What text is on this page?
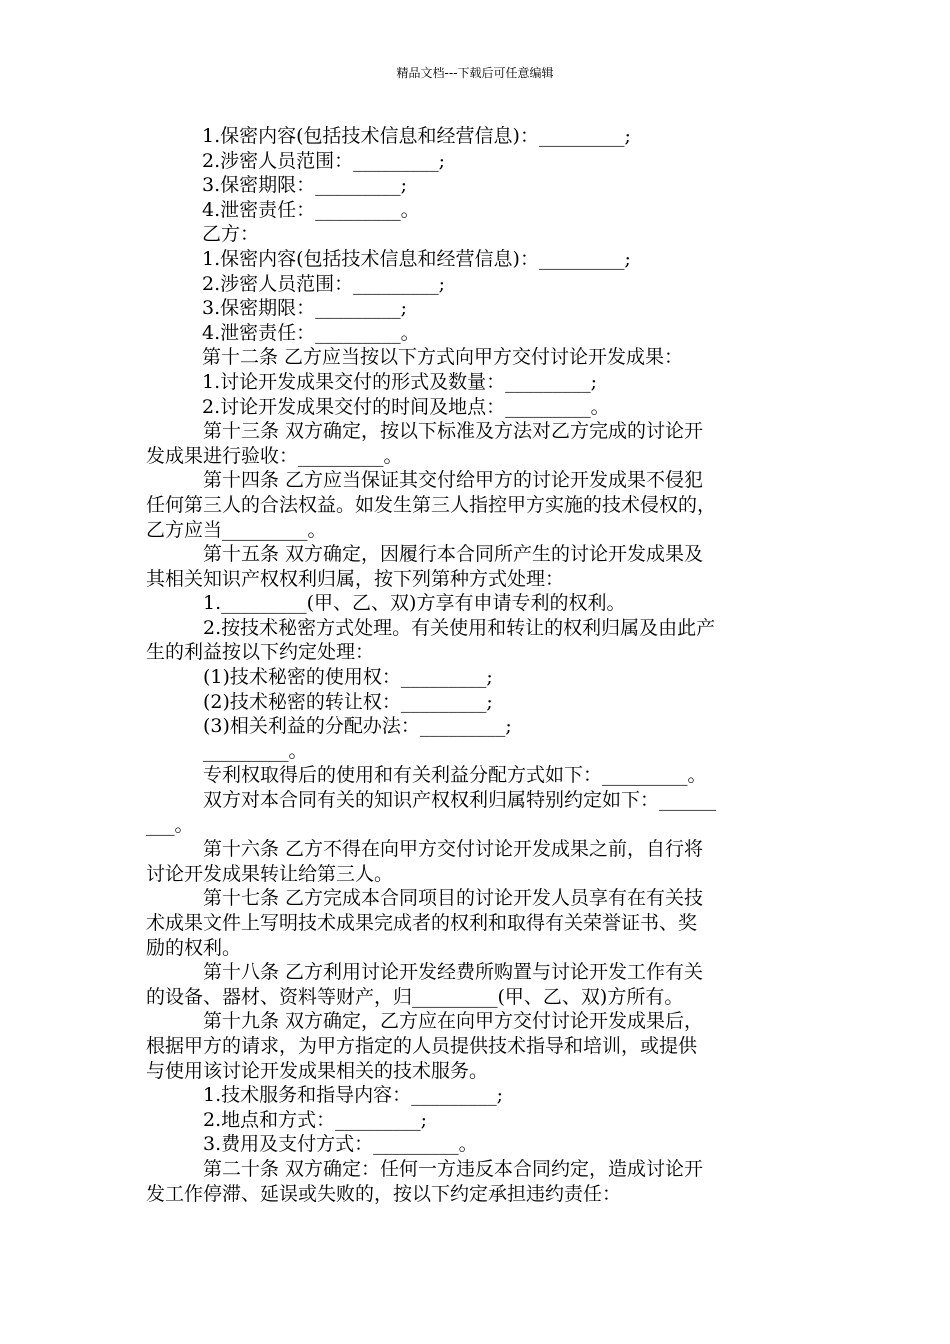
精品文档---下载后可任意编辑
1.保密内容(包括技术信息和经营信息)：_________;
2.涉密人员范围：_________;
3.保密期限：_________;
4.泄密责任：_________。
乙方：
1.保密内容(包括技术信息和经营信息)：_________;
2.涉密人员范围：_________;
3.保密期限：_________;
4.泄密责任：_________。
第十二条 乙方应当按以下方式向甲方交付讨论开发成果：
1.讨论开发成果交付的形式及数量：_________;
2.讨论开发成果交付的时间及地点：_________。
第十三条 双方确定，按以下标准及方法对乙方完成的讨论开
发成果进行验收：_________。
第十四条 乙方应当保证其交付给甲方的讨论开发成果不侵犯
任何第三人的合法权益。如发生第三人指控甲方实施的技术侵权的，
乙方应当_________。
第十五条 双方确定，因履行本合同所产生的讨论开发成果及
其相关知识产权权利归属，按下列第种方式处理：
1._________(甲、乙、双)方享有申请专利的权利。
2.按技术秘密方式处理。有关使用和转让的权利归属及由此产
生的利益按以下约定处理：
(1)技术秘密的使用权：_________;
(2)技术秘密的转让权：_________;
(3)相关利益的分配办法：_________;
_________。
专利权取得后的使用和有关利益分配方式如下：_________。
双方对本合同有关的知识产权权利归属特别约定如下：______
___。
第十六条 乙方不得在向甲方交付讨论开发成果之前，自行将
讨论开发成果转让给第三人。
第十七条 乙方完成本合同项目的讨论开发人员享有在有关技
术成果文件上写明技术成果完成者的权利和取得有关荣誉证书、奖
励的权利。
第十八条 乙方利用讨论开发经费所购置与讨论开发工作有关
的设备、器材、资料等财产，归_________(甲、乙、双)方所有。
第十九条 双方确定，乙方应在向甲方交付讨论开发成果后，
根据甲方的请求，为甲方指定的人员提供技术指导和培训，或提供
与使用该讨论开发成果相关的技术服务。
1.技术服务和指导内容：_________;
2.地点和方式：_________;
3.费用及支付方式：_________。
第二十条 双方确定：任何一方违反本合同约定，造成讨论开
发工作停滞、延误或失败的，按以下约定承担违约责任：
